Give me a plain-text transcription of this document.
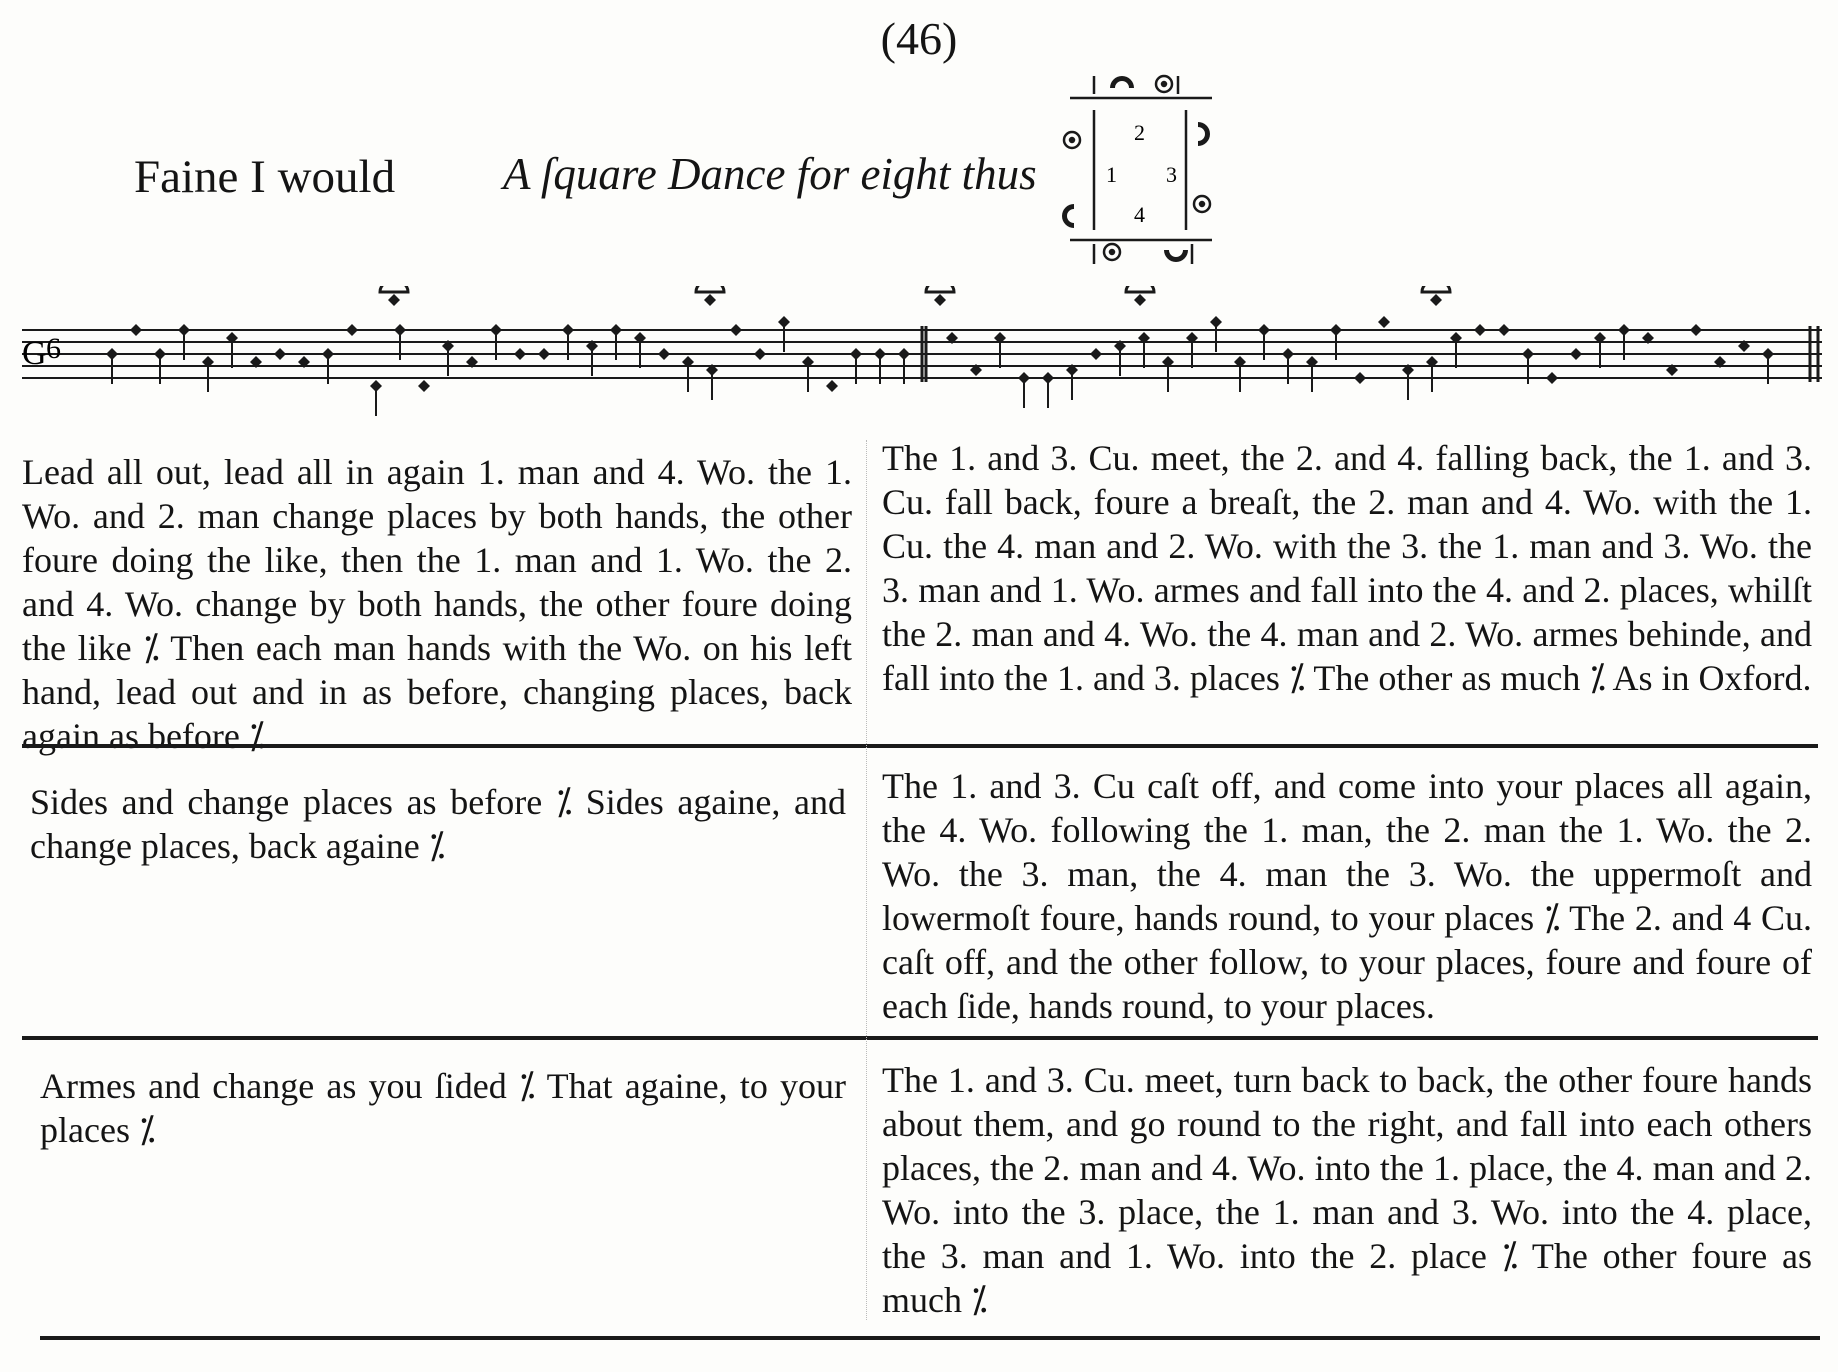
(46)
Faine I would A ſquare Dance for eight thus
2
1 3
4
G 6
Lead all out, lead all in again 1. man and 4. Wo. the 1. Wo. and 2. man change places by both hands, the other foure doing the like, then the 1. man and 1. Wo. the 2. and 4. Wo. change by both hands, the other foure doing the like ⁒ Then each man hands with the Wo. on his left hand, lead out and in as before, changing places, back again as before ⁒
The 1. and 3. Cu. meet, the 2. and 4. falling back, the 1. and 3. Cu. fall back, foure a breaſt, the 2. man and 4. Wo. with the 1. Cu. the 4. man and 2. Wo. with the 3. the 1. man and 3. Wo. the 3. man and 1. Wo. armes and fall into the 4. and 2. places, whilſt the 2. man and 4. Wo. the 4. man and 2. Wo. armes behinde, and fall into the 1. and 3. places ⁒ The other as much ⁒ As in Oxford.
Sides and change places as before ⁒ Sides againe, and change places, back againe ⁒
The 1. and 3. Cu caſt off, and come into your places all again, the 4. Wo. following the 1. man, the 2. man the 1. Wo. the 2. Wo. the 3. man, the 4. man the 3. Wo. the uppermoſt and lowermoſt foure, hands round, to your places ⁒ The 2. and 4 Cu. caſt off, and the other follow, to your places, foure and foure of each ſide, hands round, to your places.
Armes and change as you ſided ⁒ That againe, to your places ⁒
The 1. and 3. Cu. meet, turn back to back, the other foure hands about them, and go round to the right, and fall into each others places, the 2. man and 4. Wo. into the 1. place, the 4. man and 2. Wo. into the 3. place, the 1. man and 3. Wo. into the 4. place, the 3. man and 1. Wo. into the 2. place ⁒ The other foure as much ⁒
